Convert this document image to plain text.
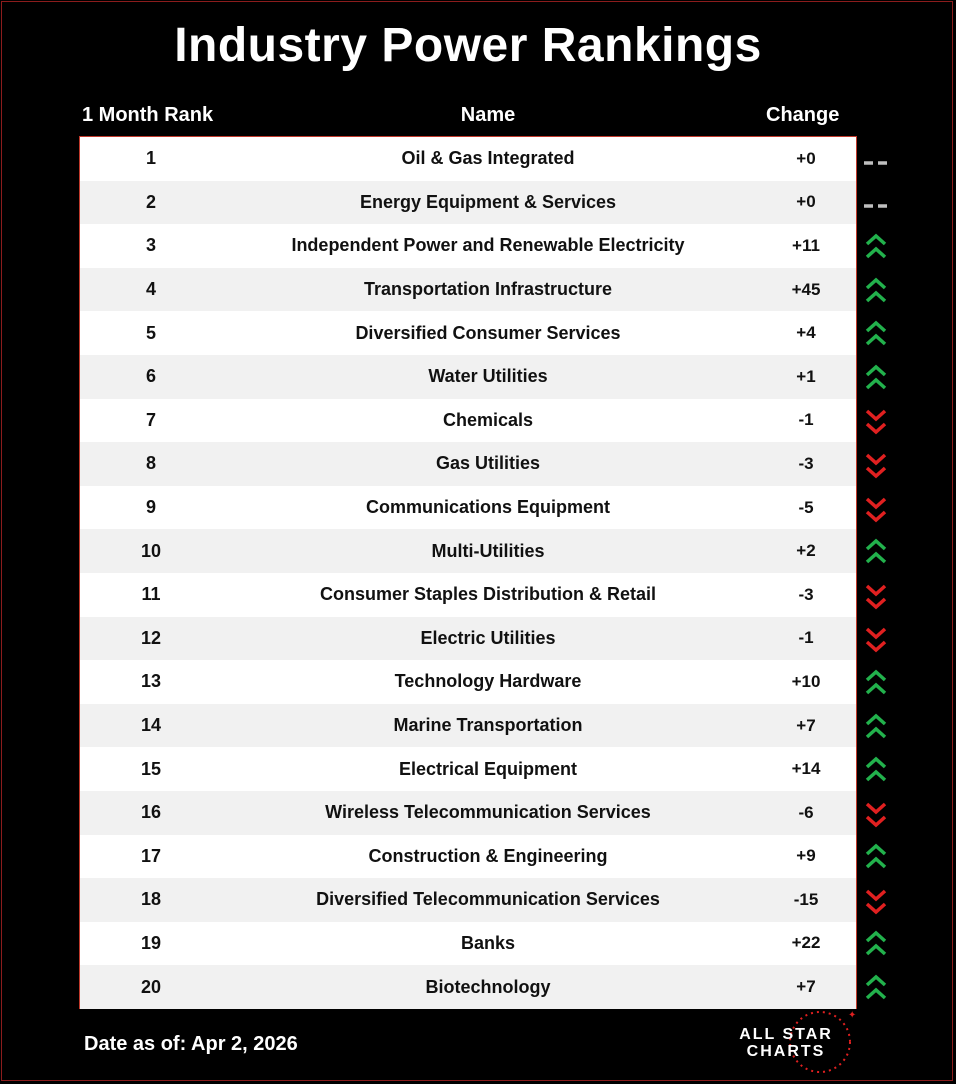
Industry Power Rankings
1 Month Rank	Name	Change
1	Oil & Gas Integrated	+0
2	Energy Equipment & Services	+0
3	Independent Power and Renewable Electricity	+11
4	Transportation Infrastructure	+45
5	Diversified Consumer Services	+4
6	Water Utilities	+1
7	Chemicals	-1
8	Gas Utilities	-3
9	Communications Equipment	-5
10	Multi-Utilities	+2
11	Consumer Staples Distribution & Retail	-3
12	Electric Utilities	-1
13	Technology Hardware	+10
14	Marine Transportation	+7
15	Electrical Equipment	+14
16	Wireless Telecommunication Services	-6
17	Construction & Engineering	+9
18	Diversified Telecommunication Services	-15
19	Banks	+22
20	Biotechnology	+7
Date as of: Apr 2, 2026
✦
ALL STAR
CHARTS
